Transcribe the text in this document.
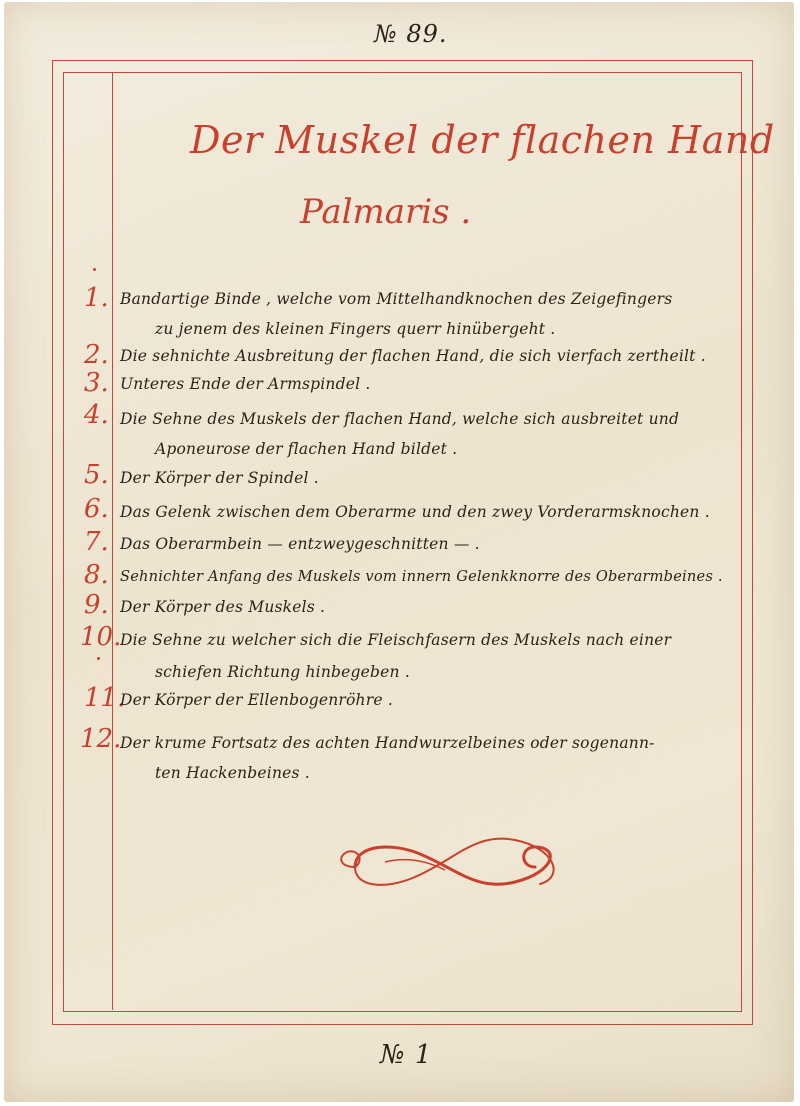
№ 89.
Der Muskel der flachen Hand
Palmaris .
1. Bandartige Binde , welche vom Mittelhandknochen des Zeigefingers
zu jenem des kleinen Fingers querr hinübergeht .
2. Die sehnichte Ausbreitung der flachen Hand, die sich vierfach zertheilt .
3. Unteres Ende der Armspindel .
4. Die Sehne des Muskels der flachen Hand, welche sich ausbreitet und
Aponeurose der flachen Hand bildet .
5. Der Körper der Spindel .
6. Das Gelenk zwischen dem Oberarme und den zwey Vorderarmsknochen .
7. Das Oberarmbein — entzweygeschnitten — .
8. Sehnichter Anfang des Muskels vom innern Gelenkknorre des Oberarmbeines .
9. Der Körper des Muskels .
10.
Die Sehne zu welcher sich die Fleischfasern des Muskels nach einer
schiefen Richtung hinbegeben .
11.
Der Körper der Ellenbogenröhre .
12.
Der krume Fortsatz des achten Handwurzelbeines oder sogenann-
ten Hackenbeines .
№ 1
